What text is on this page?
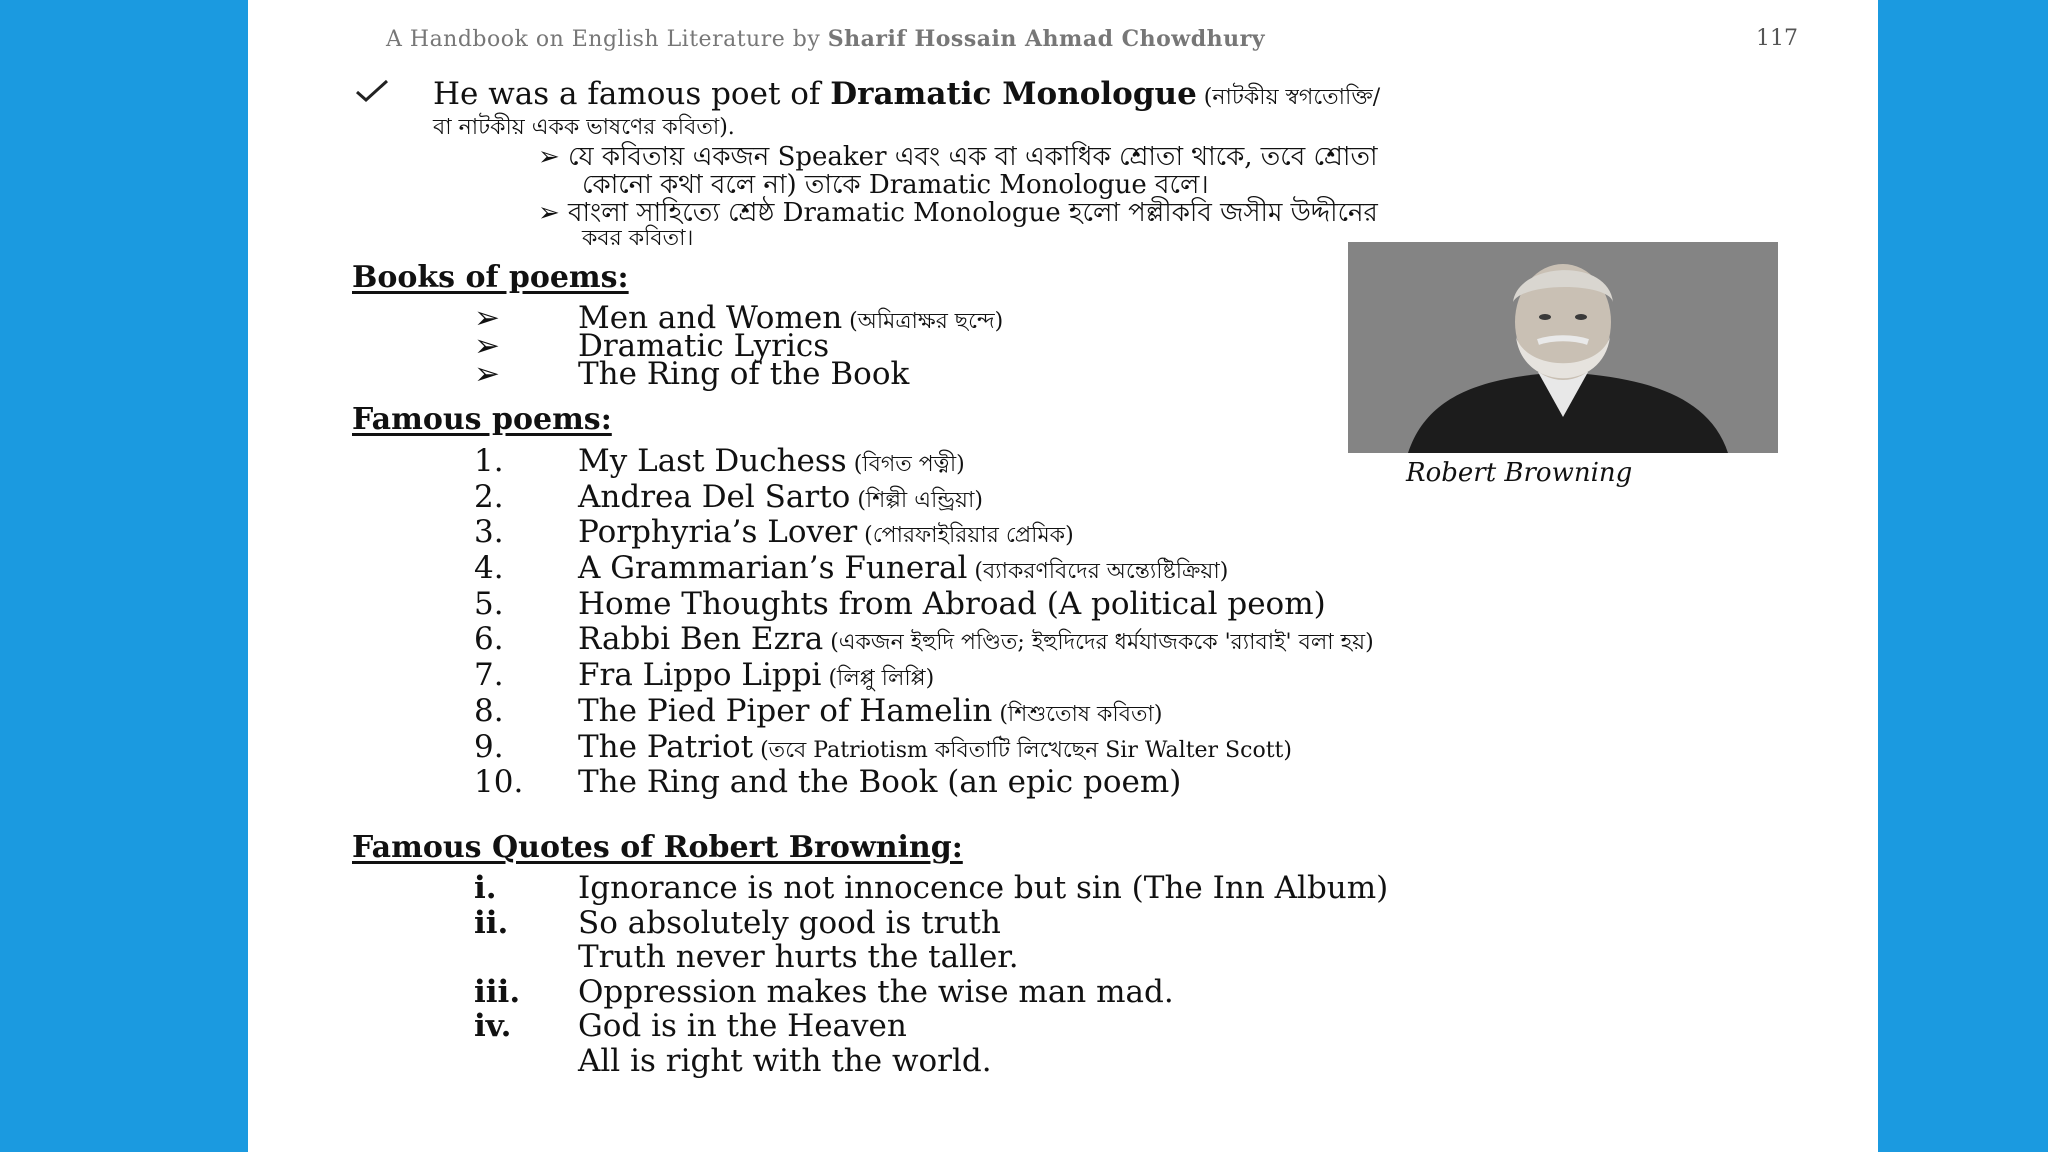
A Handbook on English Literature by Sharif Hossain Ahmad Chowdhury	117
He was a famous poet of Dramatic Monologue (নাটকীয় স্বগতোক্তি/
বা নাটকীয় একক ভাষণের কবিতা).
➢ যে কবিতায় একজন Speaker এবং এক বা একাধিক শ্রোতা থাকে, তবে শ্রোতা
কোনো কথা বলে না) তাকে Dramatic Monologue বলে।
➢ বাংলা সাহিত্যে শ্রেষ্ঠ Dramatic Monologue হলো পল্লীকবি জসীম উদ্দীনের
কবর কবিতা।
Books of poems:
➢	Men and Women (অমিত্রাক্ষর ছন্দে)
➢	Dramatic Lyrics
➢	The Ring of the Book
Robert Browning
Famous poems:
1.	My Last Duchess (বিগত পত্নী)
2.	Andrea Del Sarto (শিল্পী এন্ড্রিয়া)
3.	Porphyria’s Lover (পোরফাইরিয়ার প্রেমিক)
4.	A Grammarian’s Funeral (ব্যাকরণবিদের অন্ত্যেষ্টিক্রিয়া)
5.	Home Thoughts from Abroad (A political peom)
6.	Rabbi Ben Ezra (একজন ইহুদি পণ্ডিত; ইহুদিদের ধর্মযাজককে 'র‍্যাবাই' বলা হয়)
7.	Fra Lippo Lippi (লিপ্পু লিপ্পি)
8.	The Pied Piper of Hamelin (শিশুতোষ কবিতা)
9.	The Patriot (তবে Patriotism কবিতাটি লিখেছেন Sir Walter Scott)
10.	The Ring and the Book (an epic poem)
Famous Quotes of Robert Browning:
i.	Ignorance is not innocence but sin (The Inn Album)
ii.	So absolutely good is truth
Truth never hurts the taller.
iii.	Oppression makes the wise man mad.
iv.	God is in the Heaven
All is right with the world.
